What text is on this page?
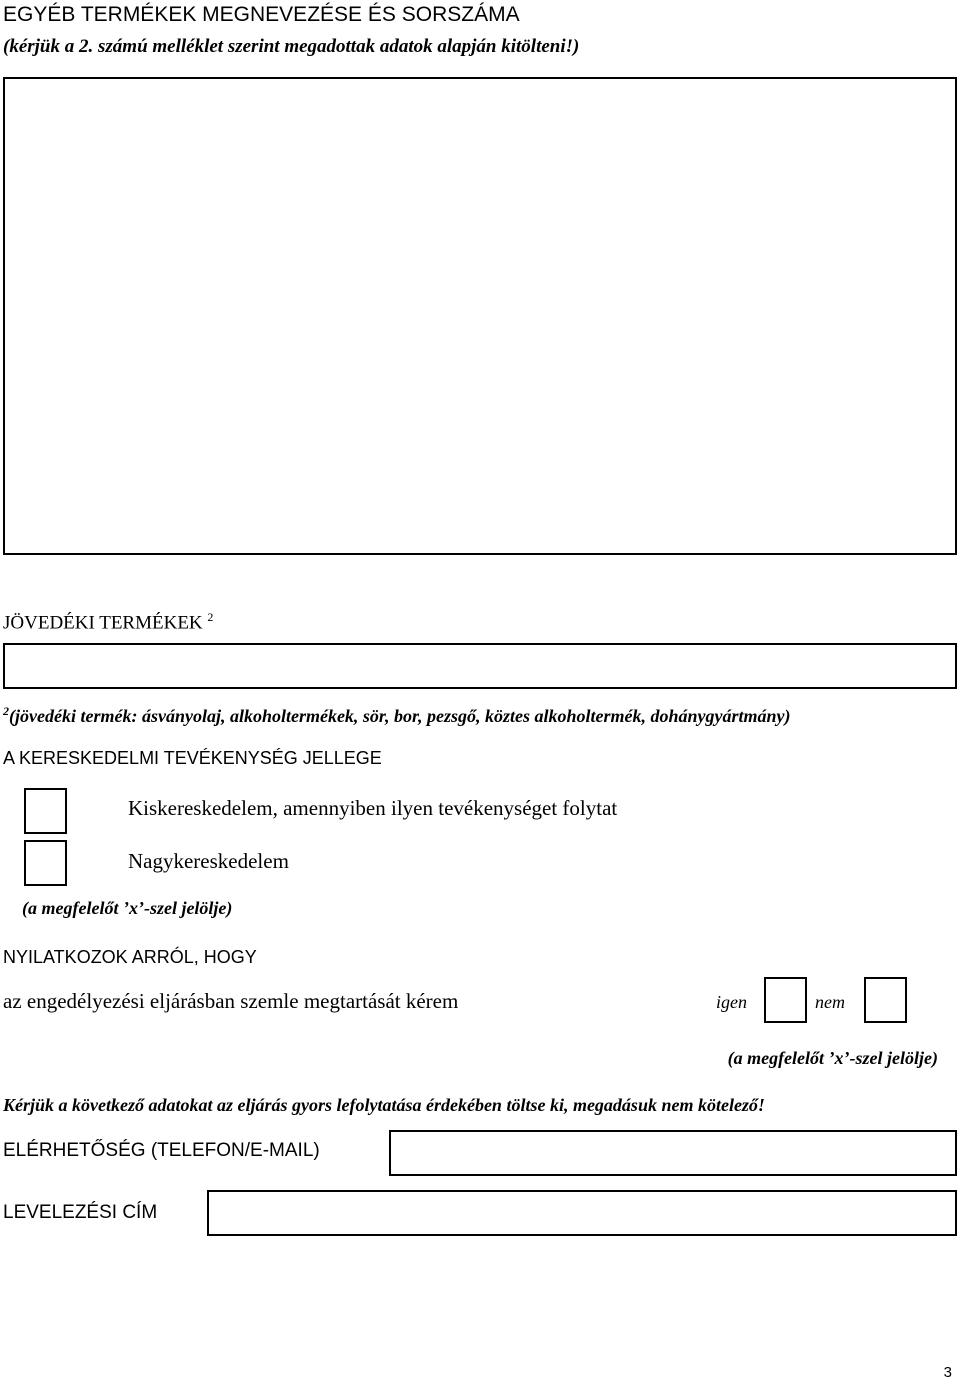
EGYÉB TERMÉKEK MEGNEVEZÉSE ÉS SORSZÁMA
(kérjük a 2. számú melléklet szerint megadottak adatok alapján kitölteni!)
JÖVEDÉKI TERMÉKEK $^2$
$^2$(jövedéki termék: ásványolaj, alkoholtermékek, sör, bor, pezsgő, köztes alkoholtermék, dohánygyártmány)
A KERESKEDELMI TEVÉKENYSÉG JELLEGE
Kiskereskedelem, amennyiben ilyen tevékenységet folytat
Nagykereskedelem
(a megfelelőt ’x’-szel jelölje)
NYILATKOZOK ARRÓL, HOGY
az engedélyezési eljárásban szemle megtartását kérem	igen	nem
(a megfelelőt ’x’-szel jelölje)
Kérjük a következő adatokat az eljárás gyors lefolytatása érdekében töltse ki, megadásuk nem kötelező!
ELÉRHETŐSÉG (TELEFON/E-MAIL)
LEVELEZÉSI CÍM
3
